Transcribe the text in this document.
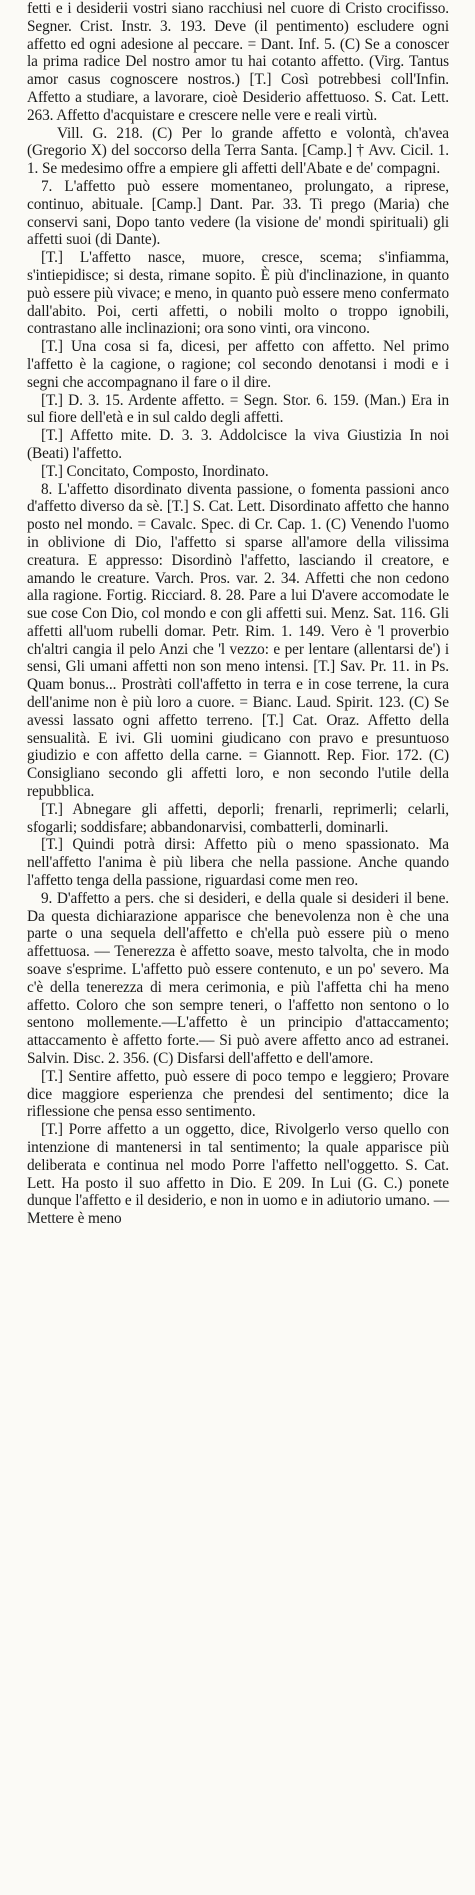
fetti e i desiderii vostri siano racchiusi nel cuore di Cristo crocifisso. Segner. Crist. Instr. 3. 193. Deve (il pentimento) escludere ogni affetto ed ogni adesione al peccare. = Dant. Inf. 5. (C) Se a conoscer la prima radice Del nostro amor tu hai cotanto affetto. (Virg. Tantus amor casus cognoscere nostros.) [T.] Così potrebbesi coll'Infin. Affetto a studiare, a lavorare, cioè Desiderio affettuoso. S. Cat. Lett. 263. Affetto d'acquistare e crescere nelle vere e reali virtù.

Vill. G. 218. (C) Per lo grande affetto e volontà, ch'avea (Gregorio X) del soccorso della Terra Santa. [Camp.] † Avv. Cicil. 1. 1. Se medesimo offre a empiere gli affetti dell'Abate e de' compagni.

7. L'affetto può essere momentaneo, prolungato, a riprese, continuo, abituale. [Camp.] Dant. Par. 33. Ti prego (Maria) che conservi sani, Dopo tanto vedere (la visione de' mondi spirituali) gli affetti suoi (di Dante).

[T.] L'affetto nasce, muore, cresce, scema; s'infiamma, s'intiepidisce; si desta, rimane sopito. È più d'inclinazione, in quanto può essere più vivace; e meno, in quanto può essere meno confermato dall'abito. Poi, certi affetti, o nobili molto o troppo ignobili, contrastano alle inclinazioni; ora sono vinti, ora vincono.

[T.] Una cosa si fa, dicesi, per affetto con affetto. Nel primo l'affetto è la cagione, o ragione; col secondo denotansi i modi e i segni che accompagnano il fare o il dire.

[T.] D. 3. 15. Ardente affetto. = Segn. Stor. 6. 159. (Man.) Era in sul fiore dell'età e in sul caldo degli affetti.

[T.] Affetto mite. D. 3. 3. Addolcisce la viva Giustizia In noi (Beati) l'affetto.

[T.] Concitato, Composto, Inordinato.

8. L'affetto disordinato diventa passione, o fomenta passioni anco d'affetto diverso da sè. [T.] S. Cat. Lett. Disordinato affetto che hanno posto nel mondo. = Cavalc. Spec. di Cr. Cap. 1. (C) Venendo l'uomo in oblivione di Dio, l'affetto si sparse all'amore della vilissima creatura. E appresso: Disordinò l'affetto, lasciando il creatore, e amando le creature. Varch. Pros. var. 2. 34. Affetti che non cedono alla ragione. Fortig. Ricciard. 8. 28. Pare a lui D'avere accomodate le sue cose Con Dio, col mondo e con gli affetti sui. Menz. Sat. 116. Gli affetti all'uom rubelli domar. Petr. Rim. 1. 149. Vero è 'l proverbio ch'altri cangia il pelo Anzi che 'l vezzo: e per lentare (allentarsi de') i sensi, Gli umani affetti non son meno intensi. [T.] Sav. Pr. 11. in Ps. Quam bonus... Prostràti coll'affetto in terra e in cose terrene, la cura dell'anime non è più loro a cuore. = Bianc. Laud. Spirit. 123. (C) Se avessi lassato ogni affetto terreno. [T.] Cat. Oraz. Affetto della sensualità. E ivi. Gli uomini giudicano con pravo e presuntuoso giudizio e con affetto della carne. = Giannott. Rep. Fior. 172. (C) Consigliano secondo gli affetti loro, e non secondo l'utile della repubblica.

[T.] Abnegare gli affetti, deporli; frenarli, reprimerli; celarli, sfogarli; soddisfare; abbandonarvisi, combatterli, dominarli.

[T.] Quindi potrà dirsi: Affetto più o meno spassionato. Ma nell'affetto l'anima è più libera che nella passione. Anche quando l'affetto tenga della passione, riguardasi come men reo.

9. D'affetto a pers. che si desideri, e della quale si desideri il bene. Da questa dichiarazione apparisce che benevolenza non è che una parte o una sequela dell'affetto e ch'ella può essere più o meno affettuosa. — Tenerezza è affetto soave, mesto talvolta, che in modo soave s'esprime. L'affetto può essere contenuto, e un po' severo. Ma c'è della tenerezza di mera cerimonia, e più l'affetta chi ha meno affetto. Coloro che son sempre teneri, o l'affetto non sentono o lo sentono mollemente.—L'affetto è un principio d'attaccamento; attaccamento è affetto forte.— Si può avere affetto anco ad estranei. Salvin. Disc. 2. 356. (C) Disfarsi dell'affetto e dell'amore.

[T.] Sentire affetto, può essere di poco tempo e leggiero; Provare dice maggiore esperienza che prendesi del sentimento; dice la riflessione che pensa esso sentimento.

[T.] Porre affetto a un oggetto, dice, Rivolgerlo verso quello con intenzione di mantenersi in tal sentimento; la quale apparisce più deliberata e continua nel modo Porre l'affetto nell'oggetto. S. Cat. Lett. Ha posto il suo affetto in Dio. E 209. In Lui (G. C.) ponete dunque l'affetto e il desiderio, e non in uomo e in adiutorio umano. — Mettere è meno
